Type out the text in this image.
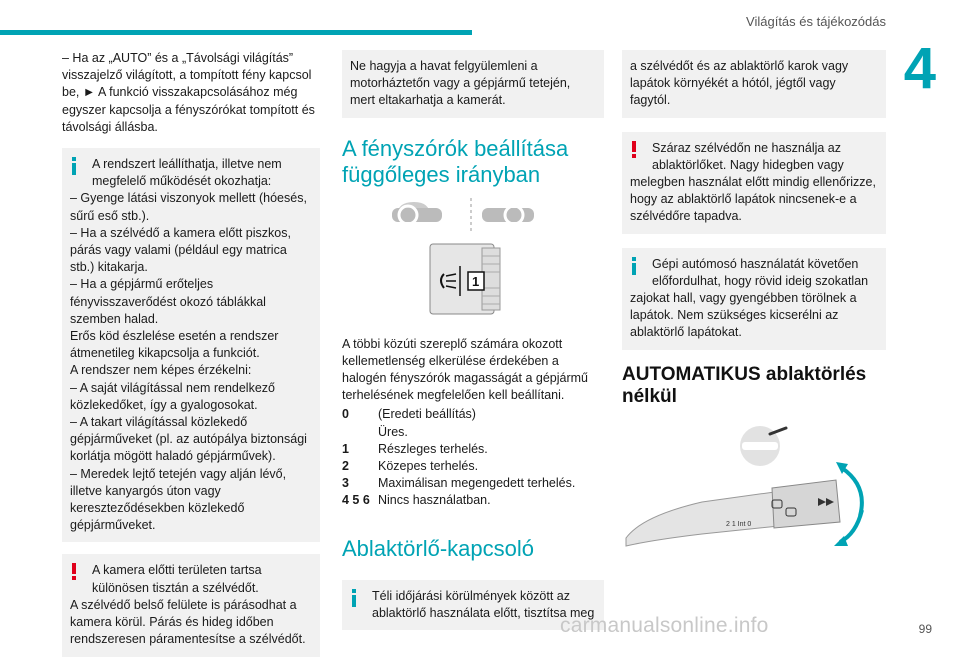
Világítás és tájékozódás
4

– Ha az „AUTO” és a „Távolsági világítás” visszajelző világított, a tompított fény kapcsol be, ► A funkció visszakapcsolásához még egyszer kapcsolja a fényszórókat tompított és távolsági állásba.

A rendszert leállíthatja, illetve nem megfelelő működését okozhatja:

– Gyenge látási viszonyok mellett (hóesés, sűrű eső stb.).

– Ha a szélvédő a kamera előtt piszkos, párás vagy valami (például egy matrica stb.) kitakarja.

– Ha a gépjármű erőteljes fényvisszaverődést okozó táblákkal szemben halad.

Erős köd észlelése esetén a rendszer átmenetileg kikapcsolja a funkciót.

A rendszer nem képes érzékelni:

– A saját világítással nem rendelkező közlekedőket, így a gyalogosokat.

– A takart világítással közlekedő gépjárműveket (pl. az autópálya biztonsági korlátja mögött haladó gépjárművek).

– Meredek lejtő tetején vagy alján lévő, illetve kanyargós úton vagy kereszteződésekben közlekedő gépjárműveket.

A kamera előtti területen tartsa különösen tisztán a szélvédőt.

A szélvédő belső felülete is párásodhat a kamera körül. Párás és hideg időben rendszeresen páramentesítse a szélvédőt.

Ne hagyja a havat felgyülemleni a motorháztetőn vagy a gépjármű tetején, mert eltakarhatja a kamerát.

A fényszórók beállítása függőleges irányban
1

A többi közúti szereplő számára okozott kellemetlenség elkerülése érdekében a halogén fényszórók magasságát a gépjármű terhelésének megfelelően kell beállítani.

0	(Eredeti beállítás) Üres.
1	Részleges terhelés.
2	Közepes terhelés.
3	Maximálisan megengedett terhelés.
4 5 6 Nincs használatban.
Ablaktörlő-kapcsoló

Téli időjárási körülmények között az ablaktörlő használata előtt, tisztítsa meg

a szélvédőt és az ablaktörlő karok vagy lapátok környékét a hótól, jégtől vagy fagytól.

Száraz szélvédőn ne használja az ablaktörlőket. Nagy hidegben vagy

melegben használat előtt mindig ellenőrizze, hogy az ablaktörlő lapátok nincsenek-e a szélvédőre tapadva.

Gépi autómosó használatát követően előfordulhat, hogy rövid ideig szokatlan

zajokat hall, vagy gyengébben törölnek a lapátok. Nem szükséges kicserélni az ablaktörlő lapátokat.

AUTOMATIKUS ablaktörlés nélkül
2 1 Int 0
carmanualsonline.info	99
